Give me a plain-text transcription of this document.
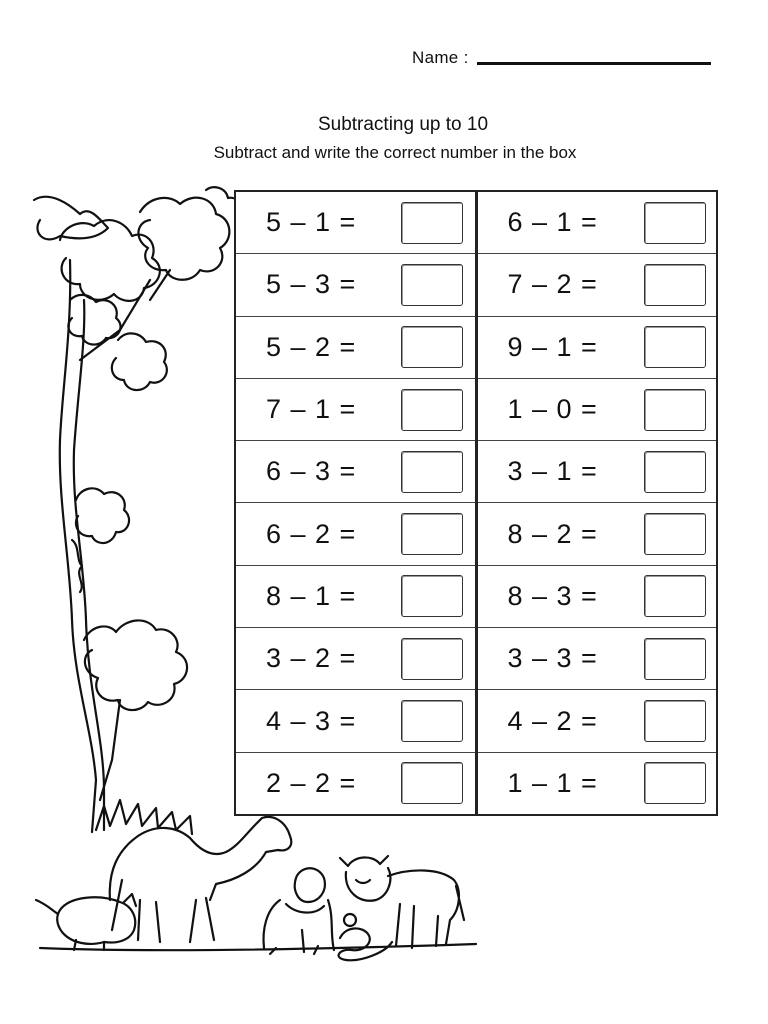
Name :
Subtracting up to 10
Subtract and write the correct number in the box
5 – 1 =
5 – 3 =
5 – 2 =
7 – 1 =
6 – 3 =
6 – 2 =
8 – 1 =
3 – 2 =
4 – 3 =
2 – 2 =
6 – 1 =
7 – 2 =
9 – 1 =
1 – 0 =
3 – 1 =
8 – 2 =
8 – 3 =
3 – 3 =
4 – 2 =
1 – 1 =
